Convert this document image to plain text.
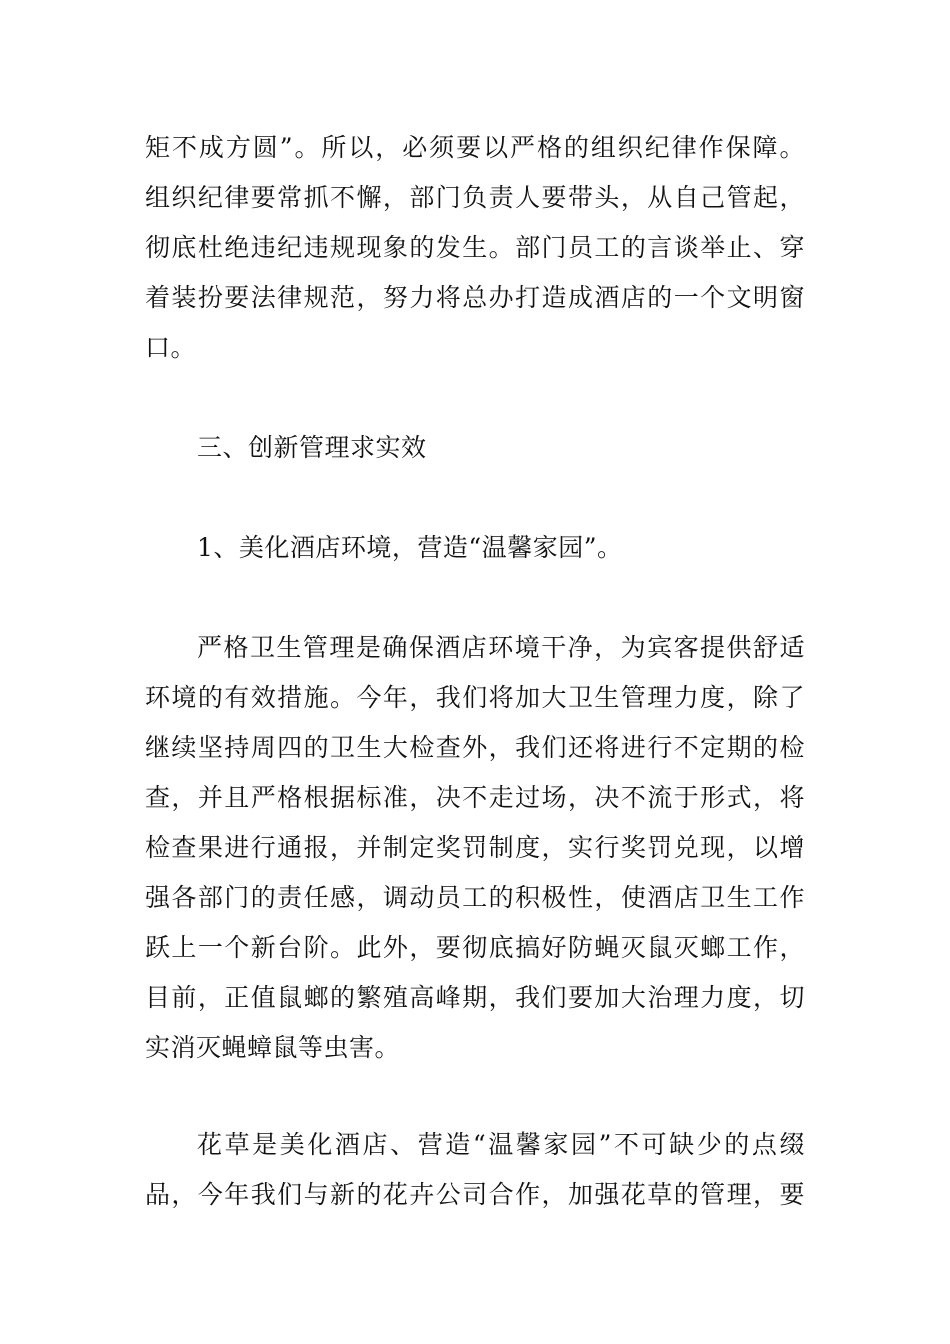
矩不成方圆”。所以，必须要以严格的组织纪律作保障。
组织纪律要常抓不懈，部门负责人要带头，从自己管起，
彻底杜绝违纪违规现象的发生。部门员工的言谈举止、穿
着装扮要法律规范，努力将总办打造成酒店的一个文明窗
口。
三、创新管理求实效
1、美化酒店环境，营造“温馨家园”。
严格卫生管理是确保酒店环境干净，为宾客提供舒适
环境的有效措施。今年，我们将加大卫生管理力度，除了
继续坚持周四的卫生大检查外，我们还将进行不定期的检
查，并且严格根据标准，决不走过场，决不流于形式，将
检查果进行通报，并制定奖罚制度，实行奖罚兑现，以增
强各部门的责任感，调动员工的积极性，使酒店卫生工作
跃上一个新台阶。此外，要彻底搞好防蝇灭鼠灭螂工作，
目前，正值鼠螂的繁殖高峰期，我们要加大治理力度，切
实消灭蝇蟑鼠等虫害。
花草是美化酒店、营造“温馨家园”不可缺少的点缀
品，今年我们与新的花卉公司合作，加强花草的管理，要
